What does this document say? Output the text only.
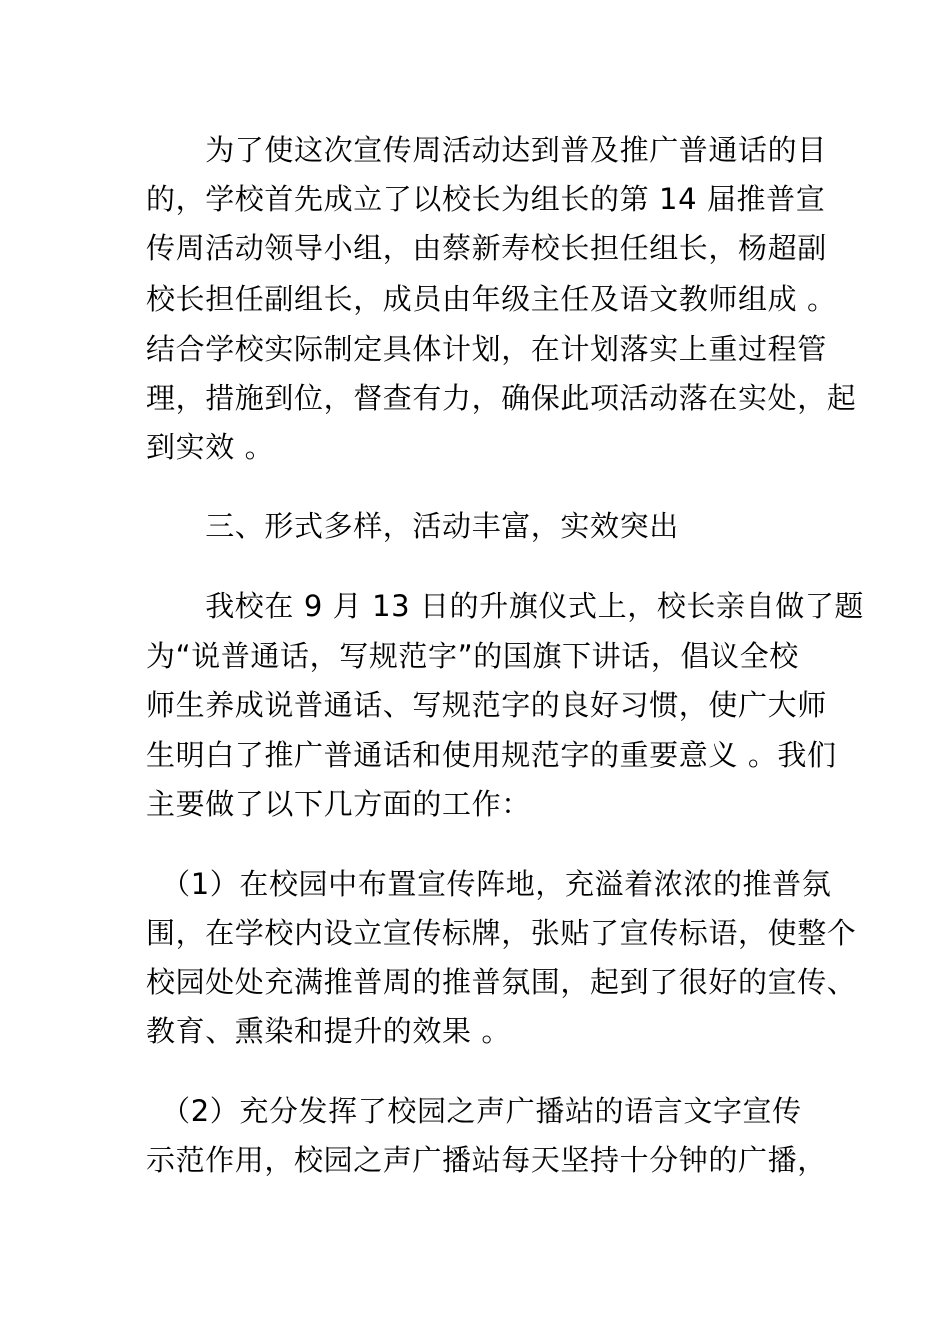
　　为了使这次宣传周活动达到普及推广普通话的目
的，学校首先成立了以校长为组长的第 14 届推普宣
传周活动领导小组，由蔡新寿校长担任组长，杨超副
校长担任副组长，成员由年级主任及语文教师组成 。
结合学校实际制定具体计划，在计划落实上重过程管
理，措施到位，督查有力，确保此项活动落在实处，起
到实效 。
　　三、形式多样，活动丰富，实效突出
　　我校在 9 月 13 日的升旗仪式上，校长亲自做了题
为“说普通话，写规范字”的国旗下讲话，倡议全校
师生养成说普通话、写规范字的良好习惯，使广大师
生明白了推广普通话和使用规范字的重要意义 。我们
主要做了以下几方面的工作：
　（1）在校园中布置宣传阵地，充溢着浓浓的推普氛
围，在学校内设立宣传标牌，张贴了宣传标语，使整个
校园处处充满推普周的推普氛围，起到了很好的宣传、
教育、熏染和提升的效果 。
　（2）充分发挥了校园之声广播站的语言文字宣传
示范作用，校园之声广播站每天坚持十分钟的广播，
